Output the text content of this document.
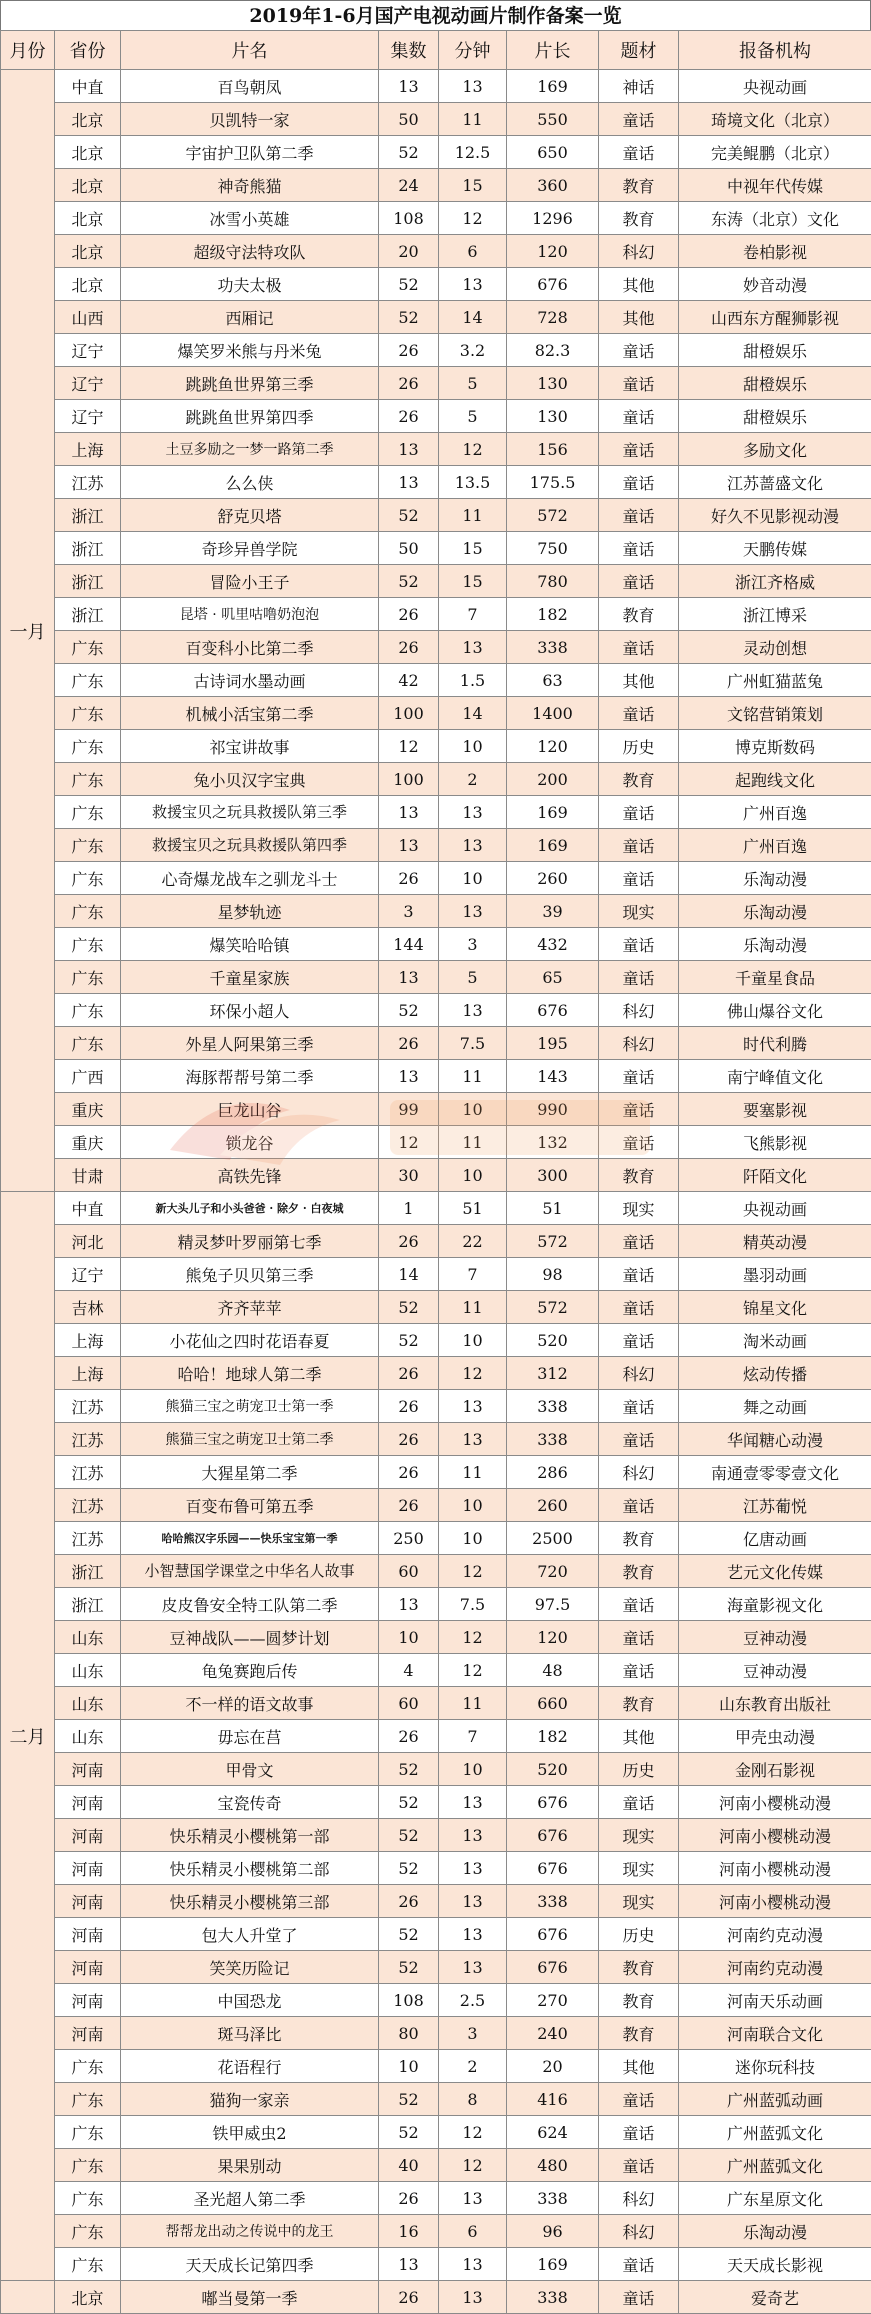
2019年1-6月国产电视动画片制作备案一览
月份	省份	片名	集数	分钟	片长	题材	报备机构
一月	中直	百鸟朝凤	13	13	169	神话	央视动画
	北京	贝凯特一家	50	11	550	童话	琦境文化（北京）
	北京	宇宙护卫队第二季	52	12.5	650	童话	完美鲲鹏（北京）
	北京	神奇熊猫	24	15	360	教育	中视年代传媒
	北京	冰雪小英雄	108	12	1296	教育	东涛（北京）文化
	北京	超级守法特攻队	20	6	120	科幻	卷柏影视
	北京	功夫太极	52	13	676	其他	妙音动漫
	山西	西厢记	52	14	728	其他	山西东方醒狮影视
	辽宁	爆笑罗米熊与丹米兔	26	3.2	82.3	童话	甜橙娱乐
	辽宁	跳跳鱼世界第三季	26	5	130	童话	甜橙娱乐
	辽宁	跳跳鱼世界第四季	26	5	130	童话	甜橙娱乐
	上海	土豆多励之一梦一路第二季	13	12	156	童话	多励文化
	江苏	么么侠	13	13.5	175.5	童话	江苏蔷盛文化
	浙江	舒克贝塔	52	11	572	童话	好久不见影视动漫
	浙江	奇珍异兽学院	50	15	750	童话	天鹏传媒
	浙江	冒险小王子	52	15	780	童话	浙江齐格威
	浙江	昆塔 · 叽里咕噜奶泡泡	26	7	182	教育	浙江博采
	广东	百变科小比第二季	26	13	338	童话	灵动创想
	广东	古诗词水墨动画	42	1.5	63	其他	广州虹猫蓝兔
	广东	机械小活宝第二季	100	14	1400	童话	文铭营销策划
	广东	祁宝讲故事	12	10	120	历史	博克斯数码
	广东	兔小贝汉字宝典	100	2	200	教育	起跑线文化
	广东	救援宝贝之玩具救援队第三季	13	13	169	童话	广州百逸
	广东	救援宝贝之玩具救援队第四季	13	13	169	童话	广州百逸
	广东	心奇爆龙战车之驯龙斗士	26	10	260	童话	乐淘动漫
	广东	星梦轨迹	3	13	39	现实	乐淘动漫
	广东	爆笑哈哈镇	144	3	432	童话	乐淘动漫
	广东	千童星家族	13	5	65	童话	千童星食品
	广东	环保小超人	52	13	676	科幻	佛山爆谷文化
	广东	外星人阿果第三季	26	7.5	195	科幻	时代利腾
	广西	海豚帮帮号第二季	13	11	143	童话	南宁峰值文化
	重庆	巨龙山谷	99	10	990	童话	要塞影视
	重庆	锁龙谷	12	11	132	童话	飞熊影视
	甘肃	高铁先锋	30	10	300	教育	阡陌文化
二月	中直	新大头儿子和小头爸爸 · 除夕 · 白夜城	1	51	51	现实	央视动画
	河北	精灵梦叶罗丽第七季	26	22	572	童话	精英动漫
	辽宁	熊兔子贝贝第三季	14	7	98	童话	墨羽动画
	吉林	齐齐苹苹	52	11	572	童话	锦星文化
	上海	小花仙之四时花语春夏	52	10	520	童话	淘米动画
	上海	哈哈！地球人第二季	26	12	312	科幻	炫动传播
	江苏	熊猫三宝之萌宠卫士第一季	26	13	338	童话	舞之动画
	江苏	熊猫三宝之萌宠卫士第二季	26	13	338	童话	华闻糖心动漫
	江苏	大猩星第二季	26	11	286	科幻	南通壹零零壹文化
	江苏	百变布鲁可第五季	26	10	260	童话	江苏葡悦
	江苏	哈哈熊汉字乐园——快乐宝宝第一季	250	10	2500	教育	亿唐动画
	浙江	小智慧国学课堂之中华名人故事	60	12	720	教育	艺元文化传媒
	浙江	皮皮鲁安全特工队第二季	13	7.5	97.5	童话	海童影视文化
	山东	豆神战队——圆梦计划	10	12	120	童话	豆神动漫
	山东	龟兔赛跑后传	4	12	48	童话	豆神动漫
	山东	不一样的语文故事	60	11	660	教育	山东教育出版社
	山东	毋忘在莒	26	7	182	其他	甲壳虫动漫
	河南	甲骨文	52	10	520	历史	金刚石影视
	河南	宝瓷传奇	52	13	676	童话	河南小樱桃动漫
	河南	快乐精灵小樱桃第一部	52	13	676	现实	河南小樱桃动漫
	河南	快乐精灵小樱桃第二部	52	13	676	现实	河南小樱桃动漫
	河南	快乐精灵小樱桃第三部	26	13	338	现实	河南小樱桃动漫
	河南	包大人升堂了	52	13	676	历史	河南约克动漫
	河南	笑笑历险记	52	13	676	教育	河南约克动漫
	河南	中国恐龙	108	2.5	270	教育	河南天乐动画
	河南	斑马泽比	80	3	240	教育	河南联合文化
	广东	花语程行	10	2	20	其他	迷你玩科技
	广东	猫狗一家亲	52	8	416	童话	广州蓝弧动画
	广东	铁甲威虫2	52	12	624	童话	广州蓝弧文化
	广东	果果别动	40	12	480	童话	广州蓝弧文化
	广东	圣光超人第二季	26	13	338	科幻	广东星原文化
	广东	帮帮龙出动之传说中的龙王	16	6	96	科幻	乐淘动漫
	广东	天天成长记第四季	13	13	169	童话	天天成长影视
	北京	嘟当曼第一季	26	13	338	童话	爱奇艺
